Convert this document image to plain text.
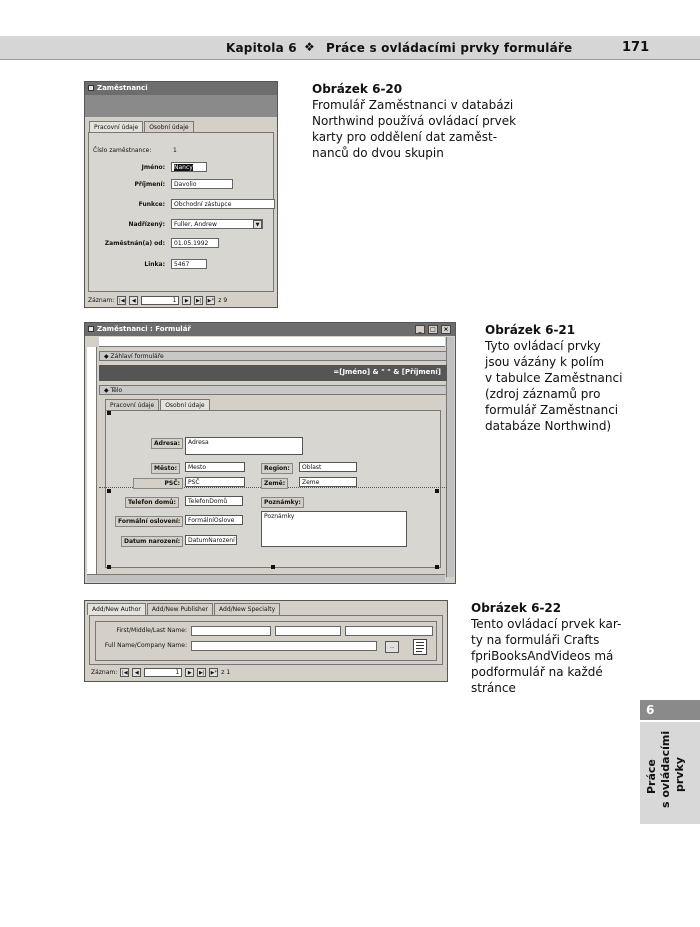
Kapitola 6 ❖ Práce s ovládacími prvky formuláře	171
Zaměstnanci
Pracovní údaje	Osobní údaje
Číslo zaměstnance:	1
Jméno:	Nancy
Příjmení:	Davolio
Funkce:	Obchodní zástupce
Nadřízený:	Fuller, Andrew	▼
Zaměstnán(a) od:	01.05.1992
Linka:	5467
Záznam: |◀	◀	1	▶	▶|	▶* z 9
Obrázek 6-20
Fromulář Zaměstnanci v databázi
Northwind používá ovládací prvek
karty pro oddělení dat zaměst-
nanců do dvou skupin
Zaměstnanci : Formulář	_	□	×
◆ Záhlaví formuláře
=[Jméno] & " " & [Příjmení]
◆ Tělo
Pracovní údaje	Osobní údaje
Adresa:	Adresa
Město:	Mesto	Region:	Oblast
PSČ:	PSČ	Země:	Zeme
Telefon domů:	TelefonDomů	Poznámky:
Poznámky
Formální oslovení:	FormálníOslove
Datum narození:	DatumNarození
Obrázek 6-21
Tyto ovládací prvky
jsou vázány k polím
v tabulce Zaměstnanci
(zdroj záznamů pro
formulář Zaměstnanci
databáze Northwind)
Add/New Author	Add/New Publisher	Add/New Specialty
First/Middle/Last Name:
Full Name/Company Name:	...
Záznam: |◀	◀	1	▶	▶|	▶* z 1
Obrázek 6-22
Tento ovládací prvek kar-
ty na formuláři Crafts
fpriBooksAndVideos má
podformulář na každé
stránce
6
Práce s ovládacími prvky
